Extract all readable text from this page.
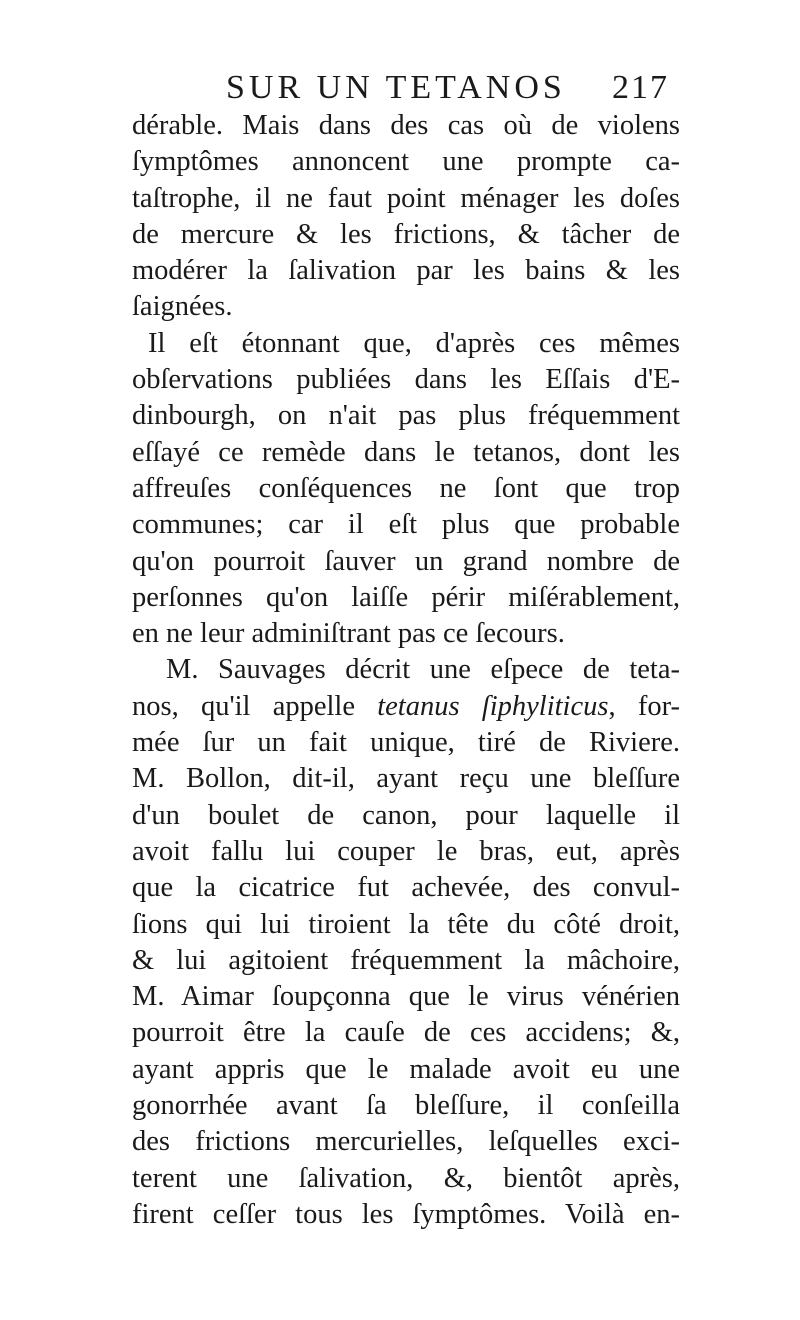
SUR UN TETANOS 217
dérable. Mais dans des cas où de violens
ſymptômes annoncent une prompte ca-
taſtrophe, il ne faut point ménager les doſes
de mercure & les frictions, & tâcher de
modérer la ſalivation par les bains & les
ſaignées.
Il eſt étonnant que, d'après ces mêmes
obſervations publiées dans les Eſſais d'E-
dinbourgh, on n'ait pas plus fréquemment
eſſayé ce remède dans le tetanos, dont les
affreuſes conſéquences ne ſont que trop
communes; car il eſt plus que probable
qu'on pourroit ſauver un grand nombre de
perſonnes qu'on laiſſe périr miſérablement,
en ne leur adminiſtrant pas ce ſecours.
M. Sauvages décrit une eſpece de teta-
nos, qu'il appelle tetanus ſiphyliticus, for-
mée ſur un fait unique, tiré de Riviere.
M. Bollon, dit-il, ayant reçu une bleſſure
d'un boulet de canon, pour laquelle il
avoit fallu lui couper le bras, eut, après
que la cicatrice fut achevée, des convul-
ſions qui lui tiroient la tête du côté droit,
& lui agitoient fréquemment la mâchoire,
M. Aimar ſoupçonna que le virus vénérien
pourroit être la cauſe de ces accidens; &,
ayant appris que le malade avoit eu une
gonorrhée avant ſa bleſſure, il conſeilla
des frictions mercurielles, leſquelles exci-
terent une ſalivation, &, bientôt après,
firent ceſſer tous les ſymptômes. Voilà en-
